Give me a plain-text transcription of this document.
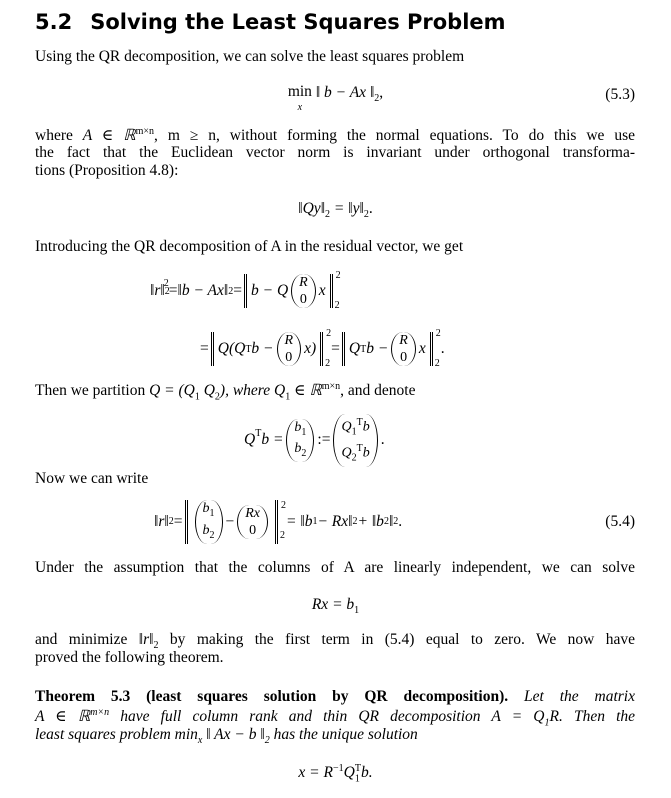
5.2 Solving the Least Squares Problem
Using the QR decomposition, we can solve the least squares problem
min
x
‖ b − Ax $‖_2$,	(5.3)
where A ∈ ℝ$^{m\times n}$, m ≥ n, without forming the normal equations. To do this we use
the fact that the Euclidean vector norm is invariant under orthogonal transforma-
tions (Proposition 4.8):
$‖Qy‖_2$ = $‖y‖_2$.
Introducing the QR decomposition of A in the residual vector, we get
‖r‖ 2
$^2$ = ‖b − Ax‖ 2 = b − Q R
0
x
2
2
= Q(Q T b − R
0
x)
2
2
= Q T b − R
0
x
2
2
.
Then we partition $Q = (Q_1$ $Q_2$), where $Q_1$ ∈ ℝ$^{m\times n}$, and denote
$Q^T$ b =
$b_1$
$b_2$
:=
$Q_1^Tb$
$Q_2^Tb$
.
Now we can write
‖r‖ 2 =
$b_1$
$b_2$
− Rx
0 2
2
= ‖b 1 − Rx‖ 2 + ‖b 2 ‖ 2 .	(5.4)
Under the assumption that the columns of A are linearly independent, we can solve
$Rx = b_1$
and minimize $‖r‖_2$ by making the first term in (5.4) equal to zero. We now have
proved the following theorem.
Theorem 5.3 (least squares solution by QR decomposition). Let the matrix
A ∈ ℝ$^{m\times n}$ have full column rank and thin QR decomposition $A = Q_1R$. Then the
least squares problem $\min_x$ ‖ Ax − b $‖_2$ has the unique solution
$x = R^{-1}Q_1^Tb$.
